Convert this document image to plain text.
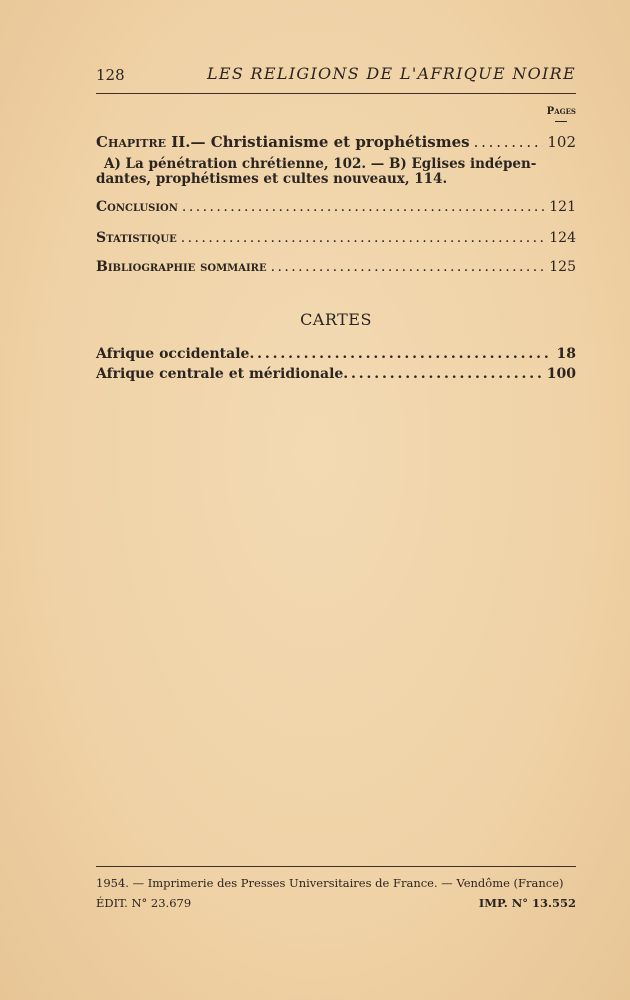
128	LES RELIGIONS DE L'AFRIQUE NOIRE
Pages
Chapitre II. — Christianisme et prophétismes . . .	102
A) La pénétration chrétienne, 102. — B) Eglises indépen-
dantes, prophétismes et cultes nouveaux, 114.
Conclusion . . .	121
Statistique . . .	124
Bibliographie sommaire . . .	125
CARTES
Afrique occidentale . . .	18
Afrique centrale et méridionale . . .	100
1954. — Imprimerie des Presses Universitaires de France. — Vendôme (France)
ÉDIT. N° 23.679	IMP. N° 13.552
